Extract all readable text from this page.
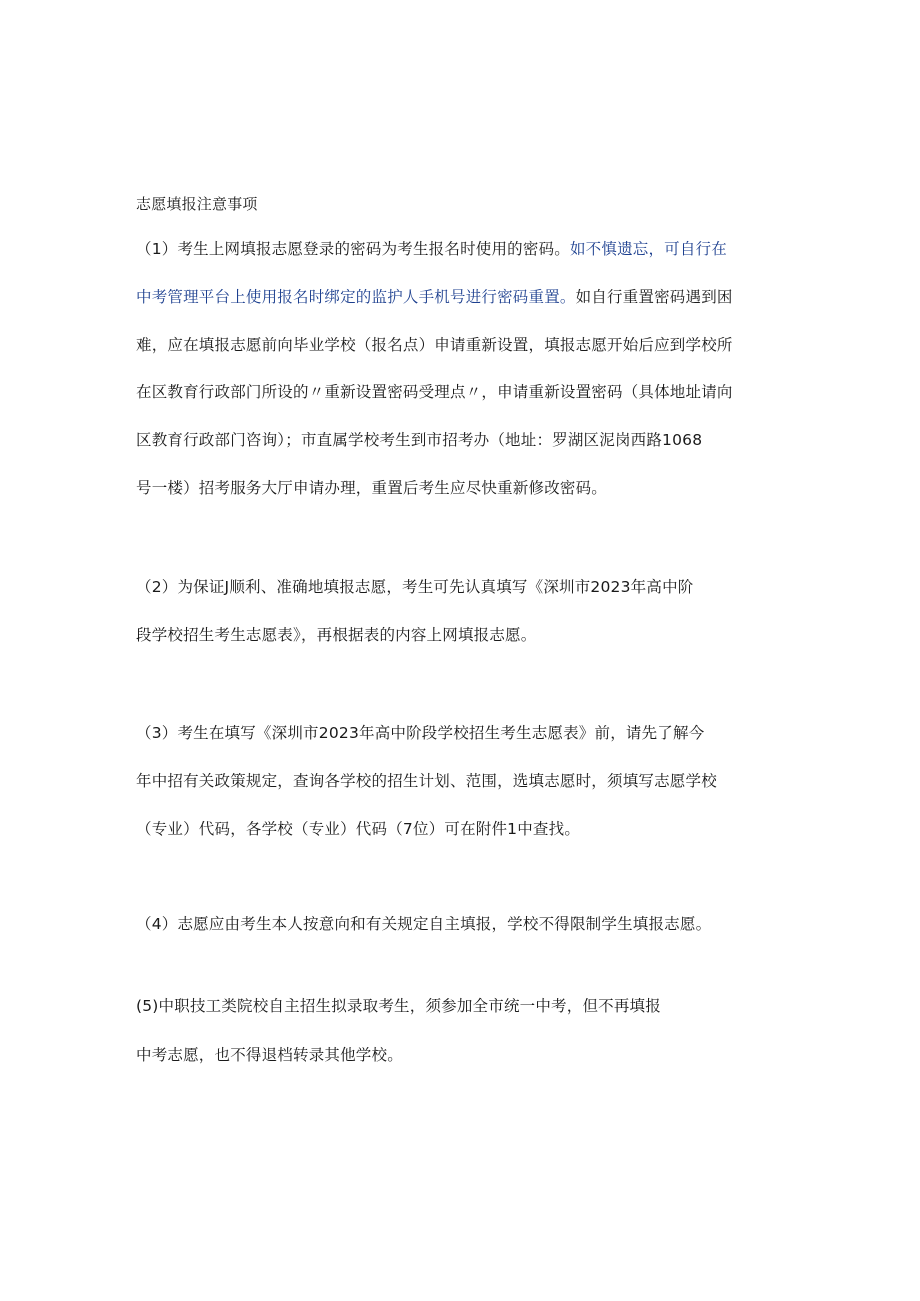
志愿填报注意事项
（1）考生上网填报志愿登录的密码为考生报名时使用的密码。如不慎遗忘，可自行在
中考管理平台上使用报名时绑定的监护人手机号进行密码重置。如自行重置密码遇到困
难，应在填报志愿前向毕业学校（报名点）申请重新设置，填报志愿开始后应到学校所
在区教育行政部门所设的〃重新设置密码受理点〃，申请重新设置密码（具体地址请向
区教育行政部门咨询）；市直属学校考生到市招考办（地址：罗湖区泥岗西路1068
号一楼）招考服务大厅申请办理，重置后考生应尽快重新修改密码。
（2）为保证J顺利、准确地填报志愿，考生可先认真填写《深圳市2023年高中阶
段学校招生考生志愿表》，再根据表的内容上网填报志愿。
（3）考生在填写《深圳市2023年高中阶段学校招生考生志愿表》前，请先了解今
年中招有关政策规定，查询各学校的招生计划、范围，选填志愿时，须填写志愿学校
（专业）代码，各学校（专业）代码（7位）可在附件1中查找。
（4）志愿应由考生本人按意向和有关规定自主填报，学校不得限制学生填报志愿。
(5)中职技工类院校自主招生拟录取考生，须参加全市统一中考，但不再填报
中考志愿，也不得退档转录其他学校。
